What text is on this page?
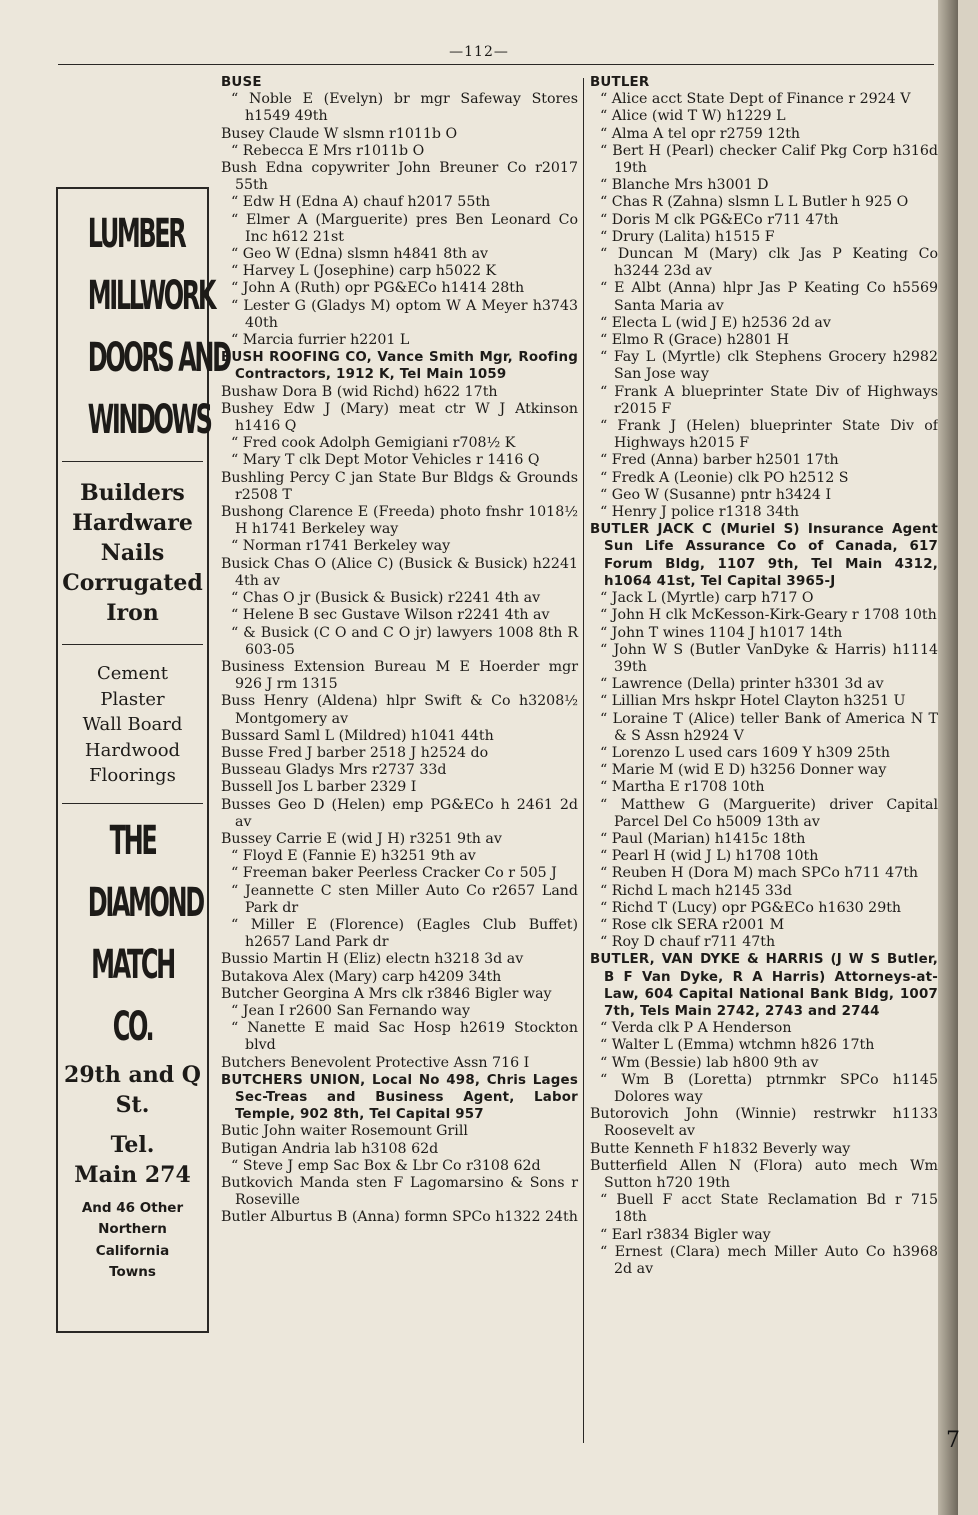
—112—
LUMBER
MILLWORK
DOORS AND
WINDOWS
Builders
Hardware
Nails
Corrugated
Iron
Cement
Plaster
Wall Board
Hardwood
Floorings
THE
DIAMOND
MATCH
CO.
29th and Q
St.
Tel.
Main 274
And 46 Other
Northern
California
Towns
BUSE
“ Noble E (Evelyn) br mgr Safeway Stores h1549 49th
Busey Claude W slsmn r1011b O
“ Rebecca E Mrs r1011b O
Bush Edna copywriter John Breuner Co r2017 55th
“ Edw H (Edna A) chauf h2017 55th
“ Elmer A (Marguerite) pres Ben Leonard Co Inc h612 21st
“ Geo W (Edna) slsmn h4841 8th av
“ Harvey L (Josephine) carp h5022 K
“ John A (Ruth) opr PG&ECo h1414 28th
“ Lester G (Gladys M) optom W A Meyer h3743 40th
“ Marcia furrier h2201 L
BUSH ROOFING CO, Vance Smith Mgr, Roofing Contractors, 1912 K, Tel Main 1059
Bushaw Dora B (wid Richd) h622 17th
Bushey Edw J (Mary) meat ctr W J Atkinson h1416 Q
“ Fred cook Adolph Gemigiani r708½ K
“ Mary T clk Dept Motor Vehicles r 1416 Q
Bushling Percy C jan State Bur Bldgs & Grounds r2508 T
Bushong Clarence E (Freeda) photo fnshr 1018½ H h1741 Berkeley way
“ Norman r1741 Berkeley way
Busick Chas O (Alice C) (Busick & Busick) h2241 4th av
“ Chas O jr (Busick & Busick) r2241 4th av
“ Helene B sec Gustave Wilson r2241 4th av
“ & Busick (C O and C O jr) lawyers 1008 8th R 603-05
Business Extension Bureau M E Hoerder mgr 926 J rm 1315
Buss Henry (Aldena) hlpr Swift & Co h3208½ Montgomery av
Bussard Saml L (Mildred) h1041 44th
Busse Fred J barber 2518 J h2524 do
Busseau Gladys Mrs r2737 33d
Bussell Jos L barber 2329 I
Busses Geo D (Helen) emp PG&ECo h 2461 2d av
Bussey Carrie E (wid J H) r3251 9th av
“ Floyd E (Fannie E) h3251 9th av
“ Freeman baker Peerless Cracker Co r 505 J
“ Jeannette C sten Miller Auto Co r2657 Land Park dr
“ Miller E (Florence) (Eagles Club Buffet) h2657 Land Park dr
Bussio Martin H (Eliz) electn h3218 3d av
Butakova Alex (Mary) carp h4209 34th
Butcher Georgina A Mrs clk r3846 Bigler way
“ Jean I r2600 San Fernando way
“ Nanette E maid Sac Hosp h2619 Stockton blvd
Butchers Benevolent Protective Assn 716 I
BUTCHERS UNION, Local No 498, Chris Lages Sec-Treas and Business Agent, Labor Temple, 902 8th, Tel Capital 957
Butic John waiter Rosemount Grill
Butigan Andria lab h3108 62d
“ Steve J emp Sac Box & Lbr Co r3108 62d
Butkovich Manda sten F Lagomarsino & Sons r Roseville
Butler Alburtus B (Anna) formn SPCo h1322 24th
BUTLER
“ Alice acct State Dept of Finance r 2924 V
“ Alice (wid T W) h1229 L
“ Alma A tel opr r2759 12th
“ Bert H (Pearl) checker Calif Pkg Corp h316d 19th
“ Blanche Mrs h3001 D
“ Chas R (Zahna) slsmn L L Butler h 925 O
“ Doris M clk PG&ECo r711 47th
“ Drury (Lalita) h1515 F
“ Duncan M (Mary) clk Jas P Keating Co h3244 23d av
“ E Albt (Anna) hlpr Jas P Keating Co h5569 Santa Maria av
“ Electa L (wid J E) h2536 2d av
“ Elmo R (Grace) h2801 H
“ Fay L (Myrtle) clk Stephens Grocery h2982 San Jose way
“ Frank A blueprinter State Div of Highways r2015 F
“ Frank J (Helen) blueprinter State Div of Highways h2015 F
“ Fred (Anna) barber h2501 17th
“ Fredk A (Leonie) clk PO h2512 S
“ Geo W (Susanne) pntr h3424 I
“ Henry J police r1318 34th
BUTLER JACK C (Muriel S) Insurance Agent Sun Life Assurance Co of Canada, 617 Forum Bldg, 1107 9th, Tel Main 4312, h1064 41st, Tel Capital 3965-J
“ Jack L (Myrtle) carp h717 O
“ John H clk McKesson-Kirk-Geary r 1708 10th
“ John T wines 1104 J h1017 14th
“ John W S (Butler VanDyke & Harris) h1114 39th
“ Lawrence (Della) printer h3301 3d av
“ Lillian Mrs hskpr Hotel Clayton h3251 U
“ Loraine T (Alice) teller Bank of America N T & S Assn h2924 V
“ Lorenzo L used cars 1609 Y h309 25th
“ Marie M (wid E D) h3256 Donner way
“ Martha E r1708 10th
“ Matthew G (Marguerite) driver Capital Parcel Del Co h5009 13th av
“ Paul (Marian) h1415c 18th
“ Pearl H (wid J L) h1708 10th
“ Reuben H (Dora M) mach SPCo h711 47th
“ Richd L mach h2145 33d
“ Richd T (Lucy) opr PG&ECo h1630 29th
“ Rose clk SERA r2001 M
“ Roy D chauf r711 47th
BUTLER, VAN DYKE & HARRIS (J W S Butler, B F Van Dyke, R A Harris) Attorneys-at-Law, 604 Capital National Bank Bldg, 1007 7th, Tels Main 2742, 2743 and 2744
“ Verda clk P A Henderson
“ Walter L (Emma) wtchmn h826 17th
“ Wm (Bessie) lab h800 9th av
“ Wm B (Loretta) ptrnmkr SPCo h1145 Dolores way
Butorovich John (Winnie) restrwkr h1133 Roosevelt av
Butte Kenneth F h1832 Beverly way
Butterfield Allen N (Flora) auto mech Wm Sutton h720 19th
“ Buell F acct State Reclamation Bd r 715 18th
“ Earl r3834 Bigler way
“ Ernest (Clara) mech Miller Auto Co h3968 2d av
7
